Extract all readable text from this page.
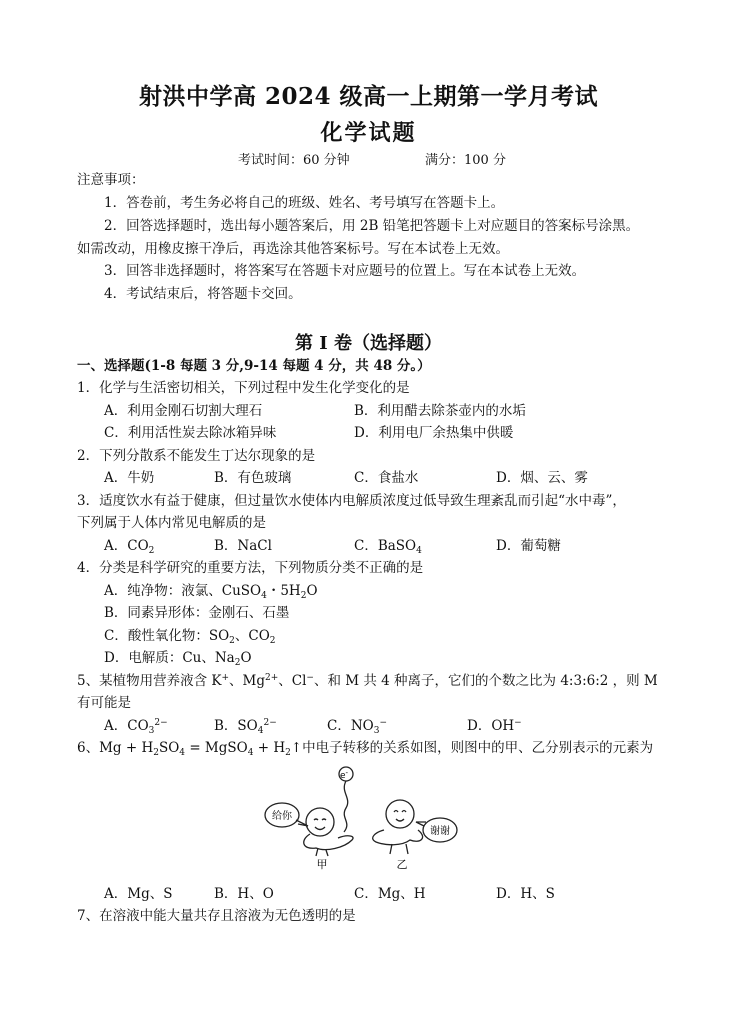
射洪中学高 2024 级高一上期第一学月考试
化学试题
考试时间：60 分钟	满分：100 分
注意事项：
1．答卷前，考生务必将自己的班级、姓名、考号填写在答题卡上。
2．回答选择题时，选出每小题答案后，用 2B 铅笔把答题卡上对应题目的答案标号涂黑。
如需改动，用橡皮擦干净后，再选涂其他答案标号。写在本试卷上无效。
3．回答非选择题时，将答案写在答题卡对应题号的位置上。写在本试卷上无效。
4．考试结束后，将答题卡交回。
第 I 卷（选择题）
一、选择题(1-8 每题 3 分,9-14 每题 4 分，共 48 分。）
1．化学与生活密切相关，下列过程中发生化学变化的是
A．利用金刚石切割大理石	B．利用醋去除茶壶内的水垢
C．利用活性炭去除冰箱异味	D．利用电厂余热集中供暖
2．下列分散系不能发生丁达尔现象的是
A．牛奶	B．有色玻璃	C．食盐水	D．烟、云、雾
3．适度饮水有益于健康，但过量饮水使体内电解质浓度过低导致生理紊乱而引起“水中毒”，
下列属于人体内常见电解质的是
A．$CO_2$	B．NaCl	C．BaSO$_4$	D．葡萄糖
4．分类是科学研究的重要方法，下列物质分类不正确的是
A．纯净物：液氯、CuSO$_4$・$5H_2O$
B．同素异形体：金刚石、石墨
C．酸性氧化物：$SO_2$、$CO_2$
D．电解质：Cu、$Na_2O$
5、某植物用营养液含 K+、$Mg^{2+}$、Cl−、和 M 共 4 种离子，它们的个数之比为 4:3:6:2 ，则 M
有可能是
A．$CO_3^{2-}$	B．$SO_4^{2-}$	C．$NO_3^-$	D．OH−
6、$Mg + H_2SO_4$ = MgSO$_4$ + $H_2↑$中电子转移的关系如图，则图中的甲、乙分别表示的元素为
给你
谢谢
e-
甲	乙
A．Mg、S	B．H、O	C．Mg、H	D．H、S
7、在溶液中能大量共存且溶液为无色透明的是
